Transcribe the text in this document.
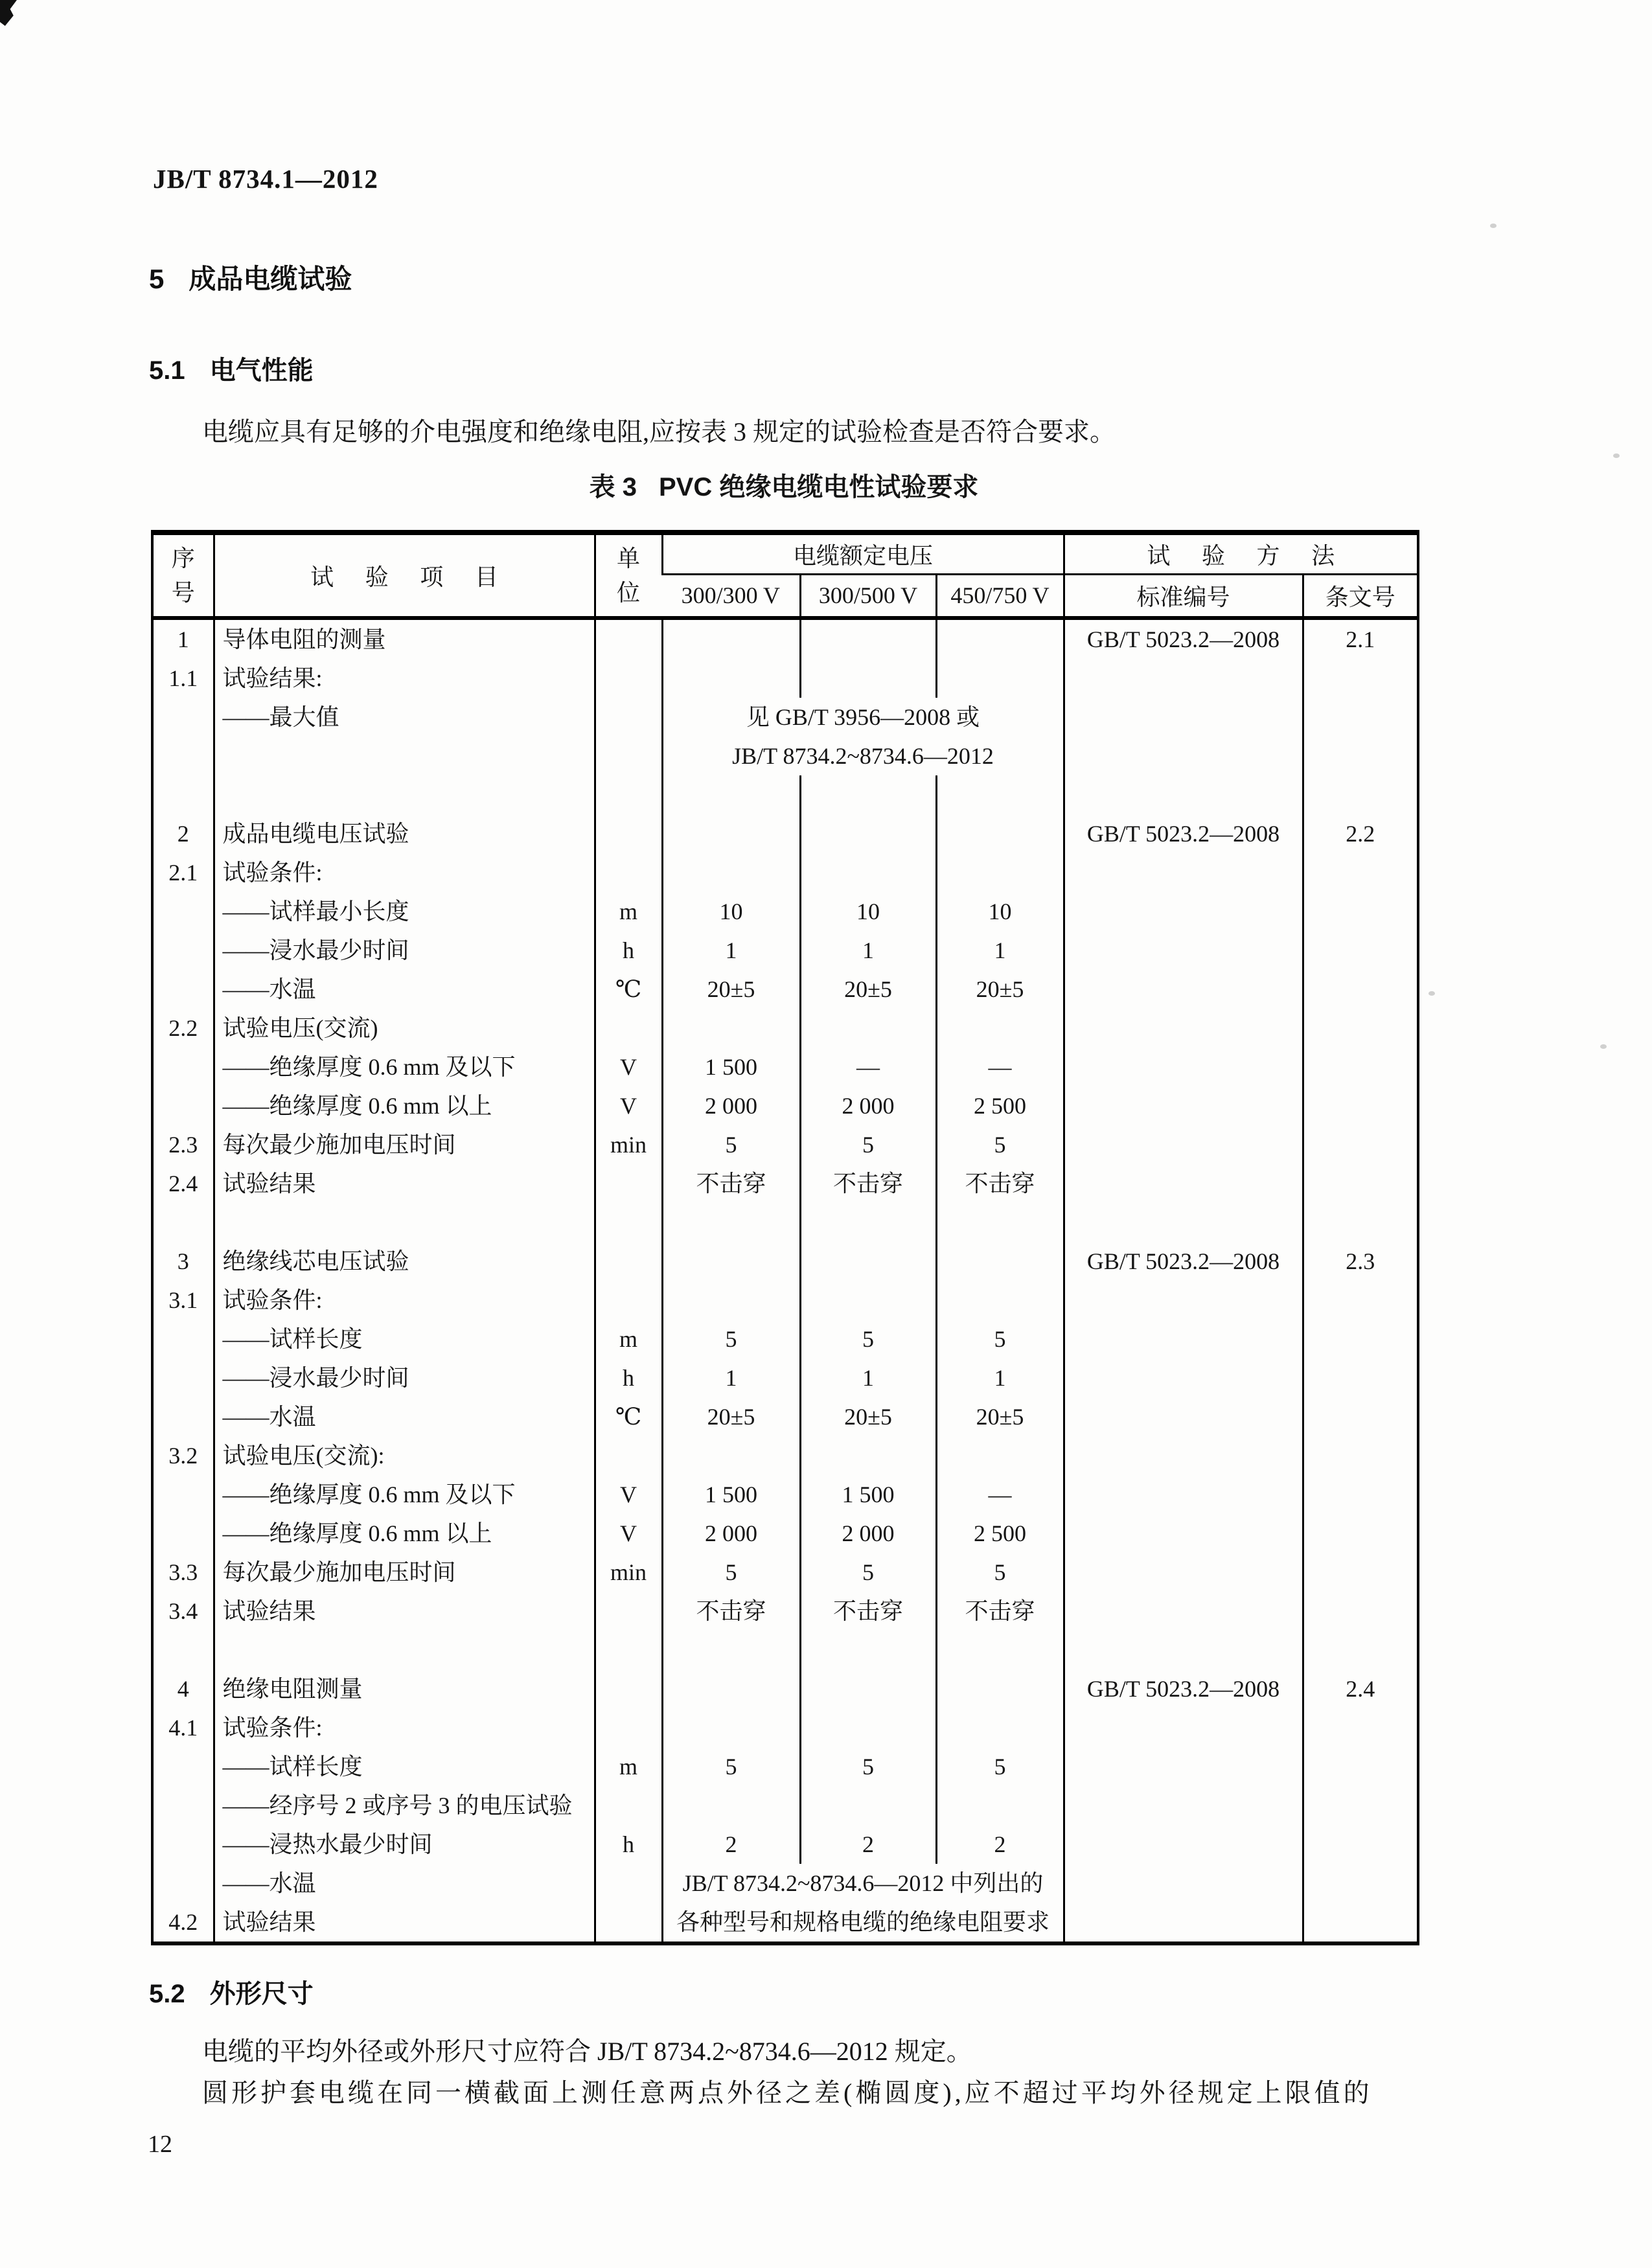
JB/T 8734.1—2012
5 成品电缆试验
5.1 电气性能
电缆应具有足够的介电强度和绝缘电阻,应按表 3 规定的试验检查是否符合要求。
表 3 PVC 绝缘电缆电性试验要求
序
号	试 验 项 目	单
位	电缆额定电压			试 验 方 法	
			300/300 V	300/500 V	450/750 V	标准编号	条文号
1	导体电阻的测量					GB/T 5023.2—2008	2.1
1.1	试验结果:						
	——最大值		见 GB/T 3956—2008 或				
			JB/T 8734.2~8734.6—2012				

2	成品电缆电压试验					GB/T 5023.2—2008	2.2
2.1	试验条件:						
	——试样最小长度	m	10	10	10		
	——浸水最少时间	h	1	1	1		
	——水温	℃	20±5	20±5	20±5		
2.2	试验电压(交流)						
	——绝缘厚度 0.6 mm 及以下	V	1 500	—	—		
	——绝缘厚度 0.6 mm 以上	V	2 000	2 000	2 500		
2.3	每次最少施加电压时间	min	5	5	5		
2.4	试验结果		不击穿	不击穿	不击穿		

3	绝缘线芯电压试验					GB/T 5023.2—2008	2.3
3.1	试验条件:						
	——试样长度	m	5	5	5		
	——浸水最少时间	h	1	1	1		
	——水温	℃	20±5	20±5	20±5		
3.2	试验电压(交流):						
	——绝缘厚度 0.6 mm 及以下	V	1 500	1 500	—		
	——绝缘厚度 0.6 mm 以上	V	2 000	2 000	2 500		
3.3	每次最少施加电压时间	min	5	5	5		
3.4	试验结果		不击穿	不击穿	不击穿		

4	绝缘电阻测量					GB/T 5023.2—2008	2.4
4.1	试验条件:						
	——试样长度	m	5	5	5		
	——经序号 2 或序号 3 的电压试验						
	——浸热水最少时间	h	2	2	2		
	——水温		JB/T 8734.2~8734.6—2012 中列出的				
4.2	试验结果		各种型号和规格电缆的绝缘电阻要求				
5.2 外形尺寸
电缆的平均外径或外形尺寸应符合 JB/T 8734.2~8734.6—2012 规定。
圆形护套电缆在同一横截面上测任意两点外径之差(椭圆度),应不超过平均外径规定上限值的
12
